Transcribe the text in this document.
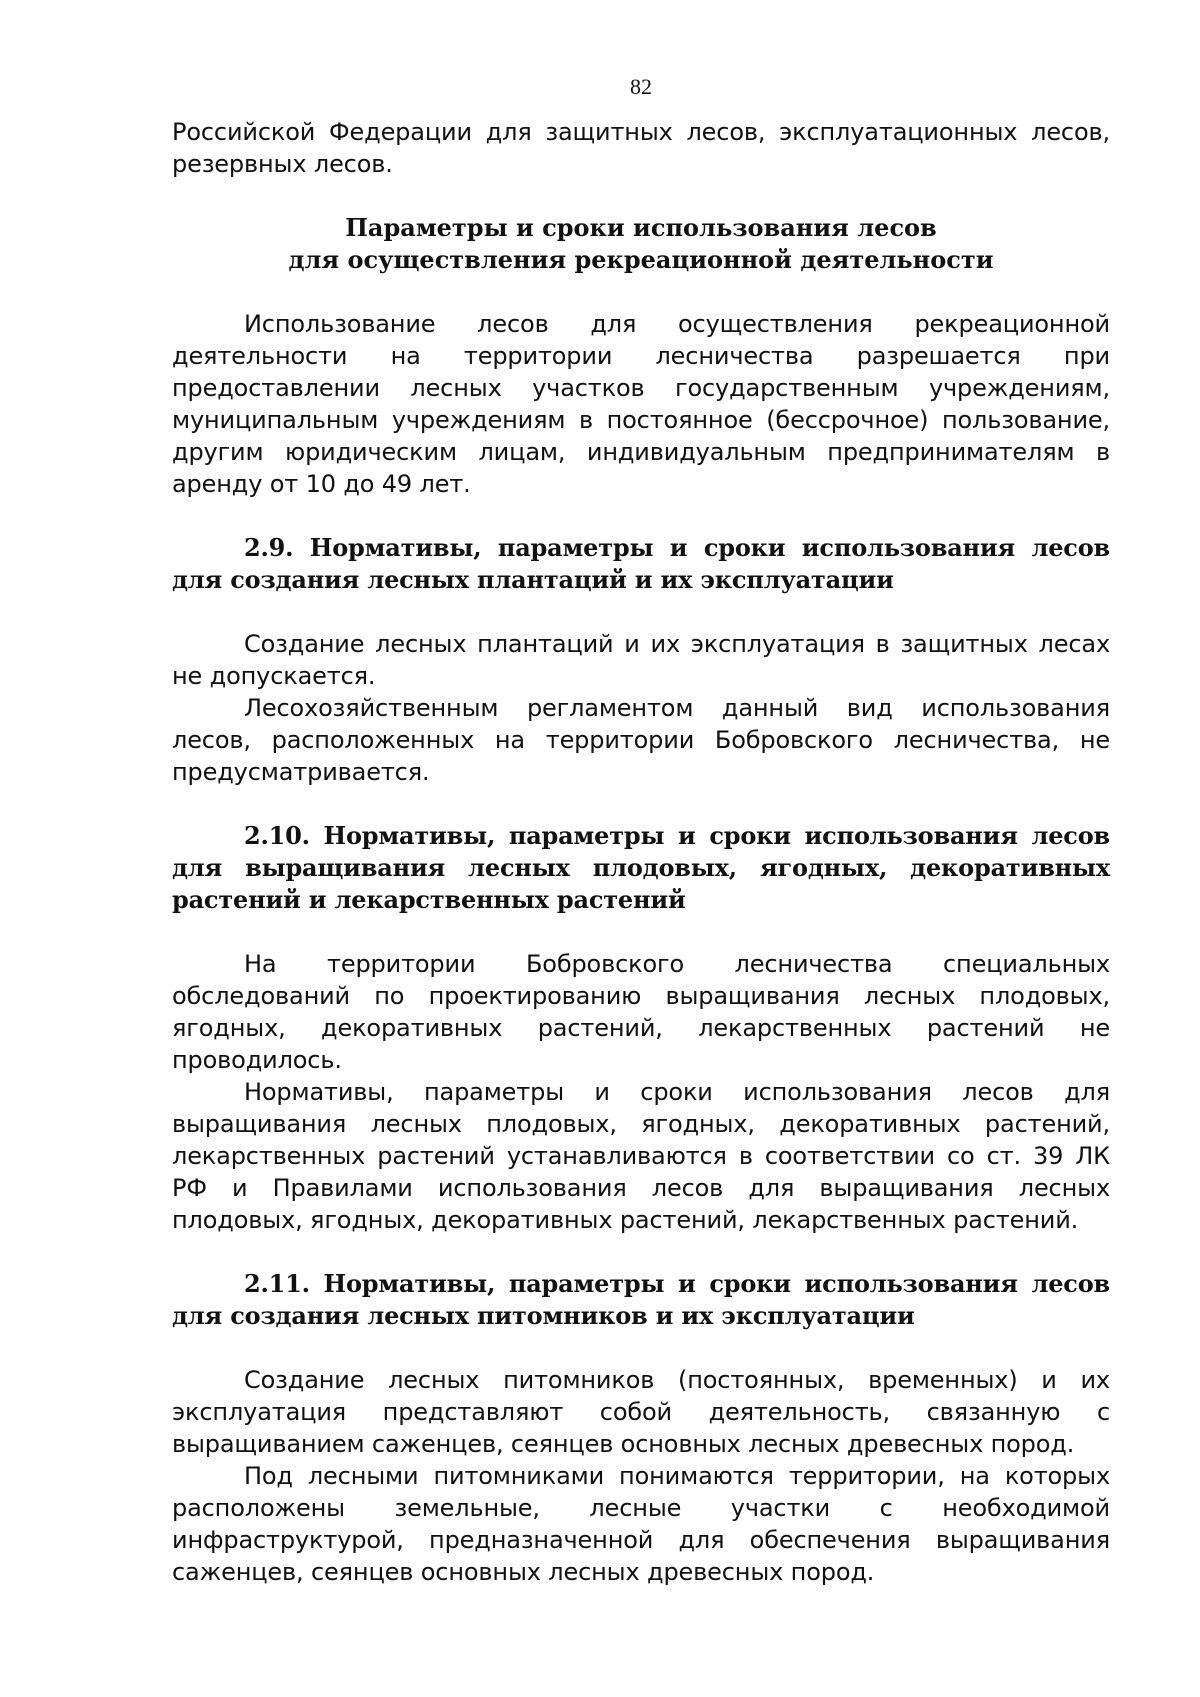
82

Российской Федерации для защитных лесов, эксплуатационных лесов, резервных лесов.

Параметры и сроки использования лесов
для осуществления рекреационной деятельности

Использование лесов для осуществления рекреационной деятельности на территории лесничества разрешается при предоставлении лесных участков государственным учреждениям, муниципальным учреждениям в постоянное (бессрочное) пользование, другим юридическим лицам, индивидуальным предпринимателям в аренду от 10 до 49 лет.

2.9. Нормативы, параметры и сроки использования лесов для создания лесных плантаций и их эксплуатации

Создание лесных плантаций и их эксплуатация в защитных лесах не допускается.

Лесохозяйственным регламентом данный вид использования лесов, расположенных на территории Бобровского лесничества, не предусматривается.

2.10. Нормативы, параметры и сроки использования лесов для выращивания лесных плодовых, ягодных, декоративных растений и лекарственных растений

На территории Бобровского лесничества специальных обследований по проектированию выращивания лесных плодовых, ягодных, декоративных растений, лекарственных растений не проводилось.

Нормативы, параметры и сроки использования лесов для выращивания лесных плодовых, ягодных, декоративных растений, лекарственных растений устанавливаются в соответствии со ст. 39 ЛК РФ и Правилами использования лесов для выращивания лесных плодовых, ягодных, декоративных растений, лекарственных растений.

2.11. Нормативы, параметры и сроки использования лесов для создания лесных питомников и их эксплуатации

Создание лесных питомников (постоянных, временных) и их эксплуатация представляют собой деятельность, связанную с выращиванием саженцев, сеянцев основных лесных древесных пород.

Под лесными питомниками понимаются территории, на которых расположены земельные, лесные участки с необходимой инфраструктурой, предназначенной для обеспечения выращивания саженцев, сеянцев основных лесных древесных пород.
